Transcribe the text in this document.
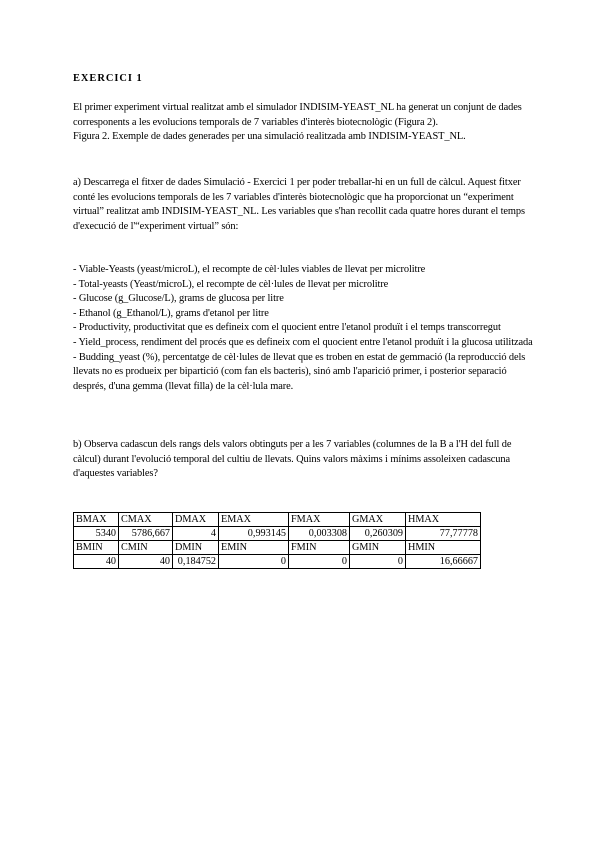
EXERCICI 1
El primer experiment virtual realitzat amb el simulador INDISIM-YEAST_NL ha generat un conjunt de dades corresponents a les evolucions temporals de 7 variables d'interès biotecnològic (Figura 2).
Figura 2. Exemple de dades generades per una simulació realitzada amb INDISIM-YEAST_NL.
a) Descarrega el fitxer de dades Simulació - Exercici 1 per poder treballar-hi en un full de càlcul. Aquest fitxer conté les evolucions temporals de les 7 variables d'interès biotecnològic que ha proporcionat un “experiment virtual” realitzat amb INDISIM-YEAST_NL. Les variables que s'han recollit cada quatre hores durant el temps d'execució de l'“experiment virtual” són:
- Viable-Yeasts (yeast/microL), el recompte de cèl·lules viables de llevat per microlitre
- Total-yeasts (Yeast/microL), el recompte de cèl·lules de llevat per microlitre
- Glucose (g_Glucose/L), grams de glucosa per litre
- Ethanol (g_Ethanol/L), grams d'etanol per litre
- Productivity, productivitat que es defineix com el quocient entre l'etanol produït i el temps transcorregut
- Yield_process, rendiment del procés que es defineix com el quocient entre l'etanol produït i la glucosa utilitzada
- Budding_yeast (%), percentatge de cèl·lules de llevat que es troben en estat de gemmació (la reproducció dels llevats no es produeix per bipartició (com fan els bacteris), sinó amb l'aparició primer, i posterior separació després, d'una gemma (llevat filla) de la cèl·lula mare.
b) Observa cadascun dels rangs dels valors obtinguts per a les 7 variables (columnes de la B a l'H del full de càlcul) durant l'evolució temporal del cultiu de llevats. Quins valors màxims i mínims assoleixen cadascuna d'aquestes variables?
BMAX	CMAX	DMAX	EMAX	FMAX	GMAX	HMAX
5340	5786,667	4	0,993145	0,003308	0,260309	77,77778
BMIN	CMIN	DMIN	EMIN	FMIN	GMIN	HMIN
40	40	0,184752	0	0	0	16,66667
